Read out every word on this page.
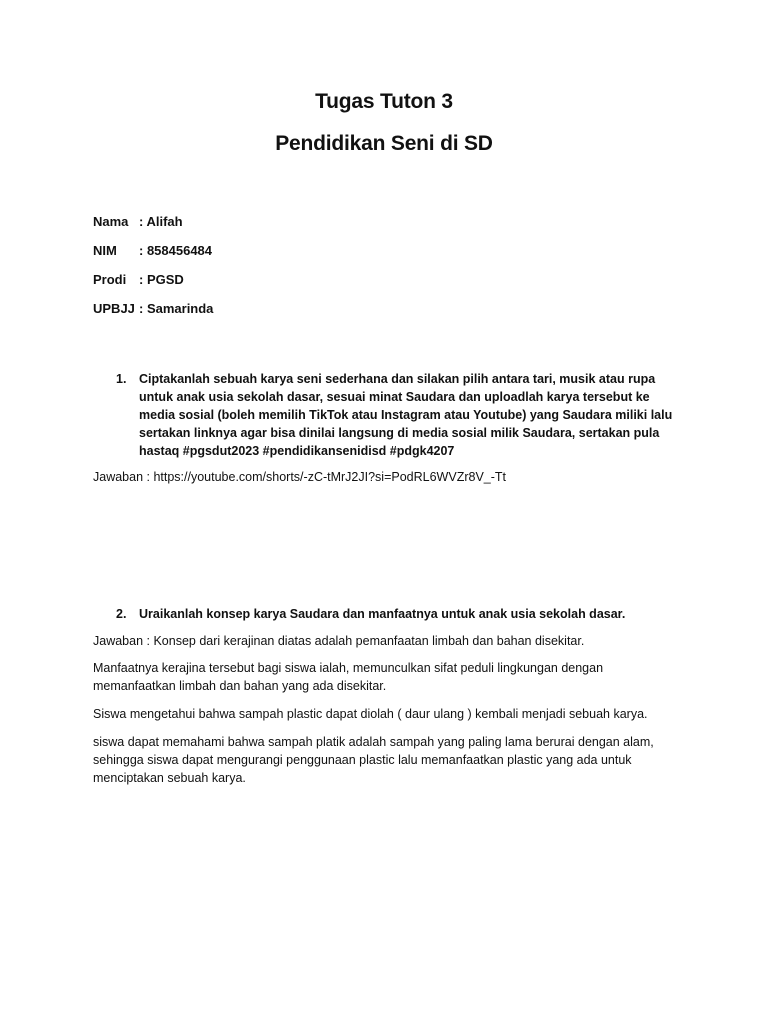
Tugas Tuton 3
Pendidikan Seni di SD
Nama : Alifah
NIM : 858456484
Prodi : PGSD
UPBJJ : Samarinda
1. Ciptakanlah sebuah karya seni sederhana dan silakan pilih antara tari, musik atau rupa
untuk anak usia sekolah dasar, sesuai minat Saudara dan uploadlah karya tersebut ke
media sosial (boleh memilih TikTok atau Instagram atau Youtube) yang Saudara miliki lalu
sertakan linknya agar bisa dinilai langsung di media sosial milik Saudara, sertakan pula
hastaq #pgsdut2023 #pendidikansenidisd #pdgk4207
Jawaban : https://youtube.com/shorts/-zC-tMrJ2JI?si=PodRL6WVZr8V_-Tt
2. Uraikanlah konsep karya Saudara dan manfaatnya untuk anak usia sekolah dasar.
Jawaban : Konsep dari kerajinan diatas adalah pemanfaatan limbah dan bahan disekitar.
Manfaatnya kerajina tersebut bagi siswa ialah, memunculkan sifat peduli lingkungan dengan
memanfaatkan limbah dan bahan yang ada disekitar.
Siswa mengetahui bahwa sampah plastic dapat diolah ( daur ulang ) kembali menjadi sebuah karya.
siswa dapat memahami bahwa sampah platik adalah sampah yang paling lama berurai dengan alam,
sehingga siswa dapat mengurangi penggunaan plastic lalu memanfaatkan plastic yang ada untuk
menciptakan sebuah karya.
